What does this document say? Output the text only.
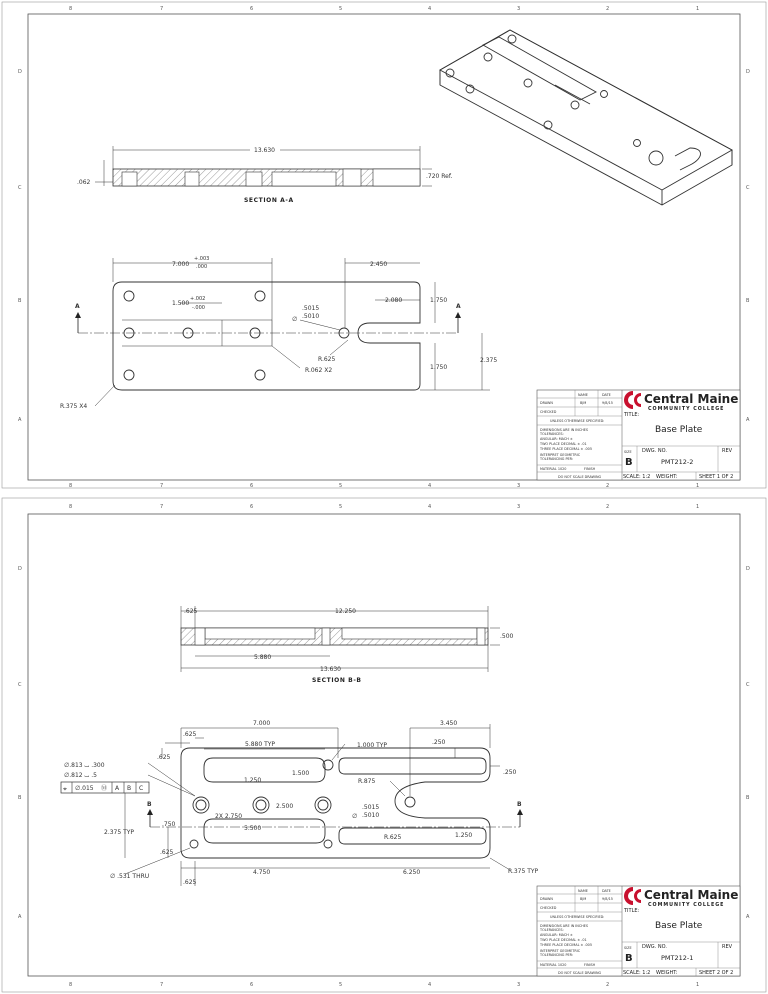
8	7	6	5	4	3	2	1
8	7	6	5	4	3	2	1
D
C
B
A
D
C
B
A
13.630
.062
.720 Ref.
SECTION A-A
7.000
+.003
.000	2.450
1.500
+.002
-.000
2.080	1.750
1.750
2.375
∅
.5015
.5010
R.625
R.062 X2
R.375 X4
A	A
NAME	DATE
DRAWN	BJM	9/8/15
CHECKED
UNLESS OTHERWISE SPECIFIED:
DIMENSIONS ARE IN INCHES
TOLERANCES:
ANGULAR: MACH ±
TWO PLACE DECIMAL ± .01
THREE PLACE DECIMAL ± .005
INTERPRET GEOMETRIC
TOLERANCING PER:
MATERIAL 1020	FINISH
DO NOT SCALE DRAWING
Central Maine
COMMUNITY COLLEGE
TITLE:
Base Plate
SIZE
B
DWG. NO.
PMT212-2
REV
SCALE: 1:2 WEIGHT:	SHEET 1 OF 2
8	7	6	5	4	3	2	1
8	7	6	5	4	3	2	1
D
C
B
A
D
C
B
A
.625	12.250
.500
5.880
13.630
SECTION B-B
7.000	3.450
.625
5.880 TYP	1.000 TYP	.250
.250
.625
1.250
1.500
R.875
2X 2.750
2.500
∅
.5015
.5010
.750
5.500
2.375 TYP
R.625	1.250
.625
4.750	6.250	R.375 TYP
∅ .531 THRU
.625
∅.813 ⌴ .300
∅.812 ⌴ .5
⌖ ∅.015 Ⓜ A B C
B	B
NAME	DATE
DRAWN	BJM	9/8/15
CHECKED
UNLESS OTHERWISE SPECIFIED:
DIMENSIONS ARE IN INCHES
TOLERANCES:
ANGULAR: MACH ±
TWO PLACE DECIMAL ± .01
THREE PLACE DECIMAL ± .005
INTERPRET GEOMETRIC
TOLERANCING PER:
MATERIAL 1020	FINISH
DO NOT SCALE DRAWING
Central Maine
COMMUNITY COLLEGE
TITLE:
Base Plate
SIZE
B
DWG. NO.
PMT212-1
REV
SCALE: 1:2 WEIGHT:	SHEET 2 OF 2
